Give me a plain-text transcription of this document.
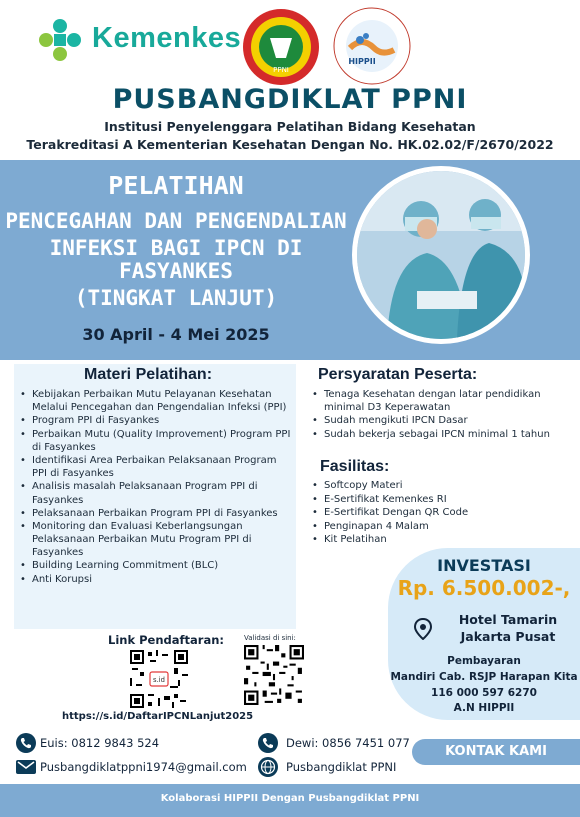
Kemenkes
PPNI
HIPPII
PUSBANGDIKLAT PPNI
Institusi Penyelenggara Pelatihan Bidang Kesehatan
Terakreditasi A Kementerian Kesehatan Dengan No. HK.02.02/F/2670/2022
PELATIHAN
PENCEGAHAN DAN PENGENDALIAN
INFEKSI BAGI IPCN DI FASYANKES
(TINGKAT LANJUT)
30 April - 4 Mei 2025
Materi Pelatihan:
• Kebijakan Perbaikan Mutu Pelayanan Kesehatan Melalui Pencegahan dan Pengendalian Infeksi (PPI)
• Program PPI di Fasyankes
• Perbaikan Mutu (Quality Improvement) Program PPI di Fasyankes
• Identifikasi Area Perbaikan Pelaksanaan Program PPI di Fasyankes
• Analisis masalah Pelaksanaan Program PPI di Fasyankes
• Pelaksanaan Perbaikan Program PPI di Fasyankes
• Monitoring dan Evaluasi Keberlangsungan Pelaksanaan Perbaikan Mutu Program PPI di Fasyankes
• Building Learning Commitment (BLC)
• Anti Korupsi
Persyaratan Peserta:
• Tenaga Kesehatan dengan latar pendidikan minimal D3 Keperawatan
• Sudah mengikuti IPCN Dasar
• Sudah bekerja sebagai IPCN minimal 1 tahun
Fasilitas:
• Softcopy Materi
• E-Sertifikat Kemenkes RI
• E-Sertifikat Dengan QR Code
• Penginapan 4 Malam
• Kit Pelatihan
INVESTASI
Rp. 6.500.002-,
Hotel Tamarin
Jakarta Pusat
Pembayaran
Mandiri Cab. RSJP Harapan Kita
116 000 597 6270
A.N HIPPII
Link Pendaftaran:	Validasi di sini:
s.id
https://s.id/DaftarIPCNLanjut2025
Euis: 0812 9843 524	Dewi: 0856 7451 077
KONTAK KAMI
Pusbangdiklatppni1974@gmail.com	Pusbangdiklat PPNI
Kolaborasi HIPPII Dengan Pusbangdiklat PPNI
